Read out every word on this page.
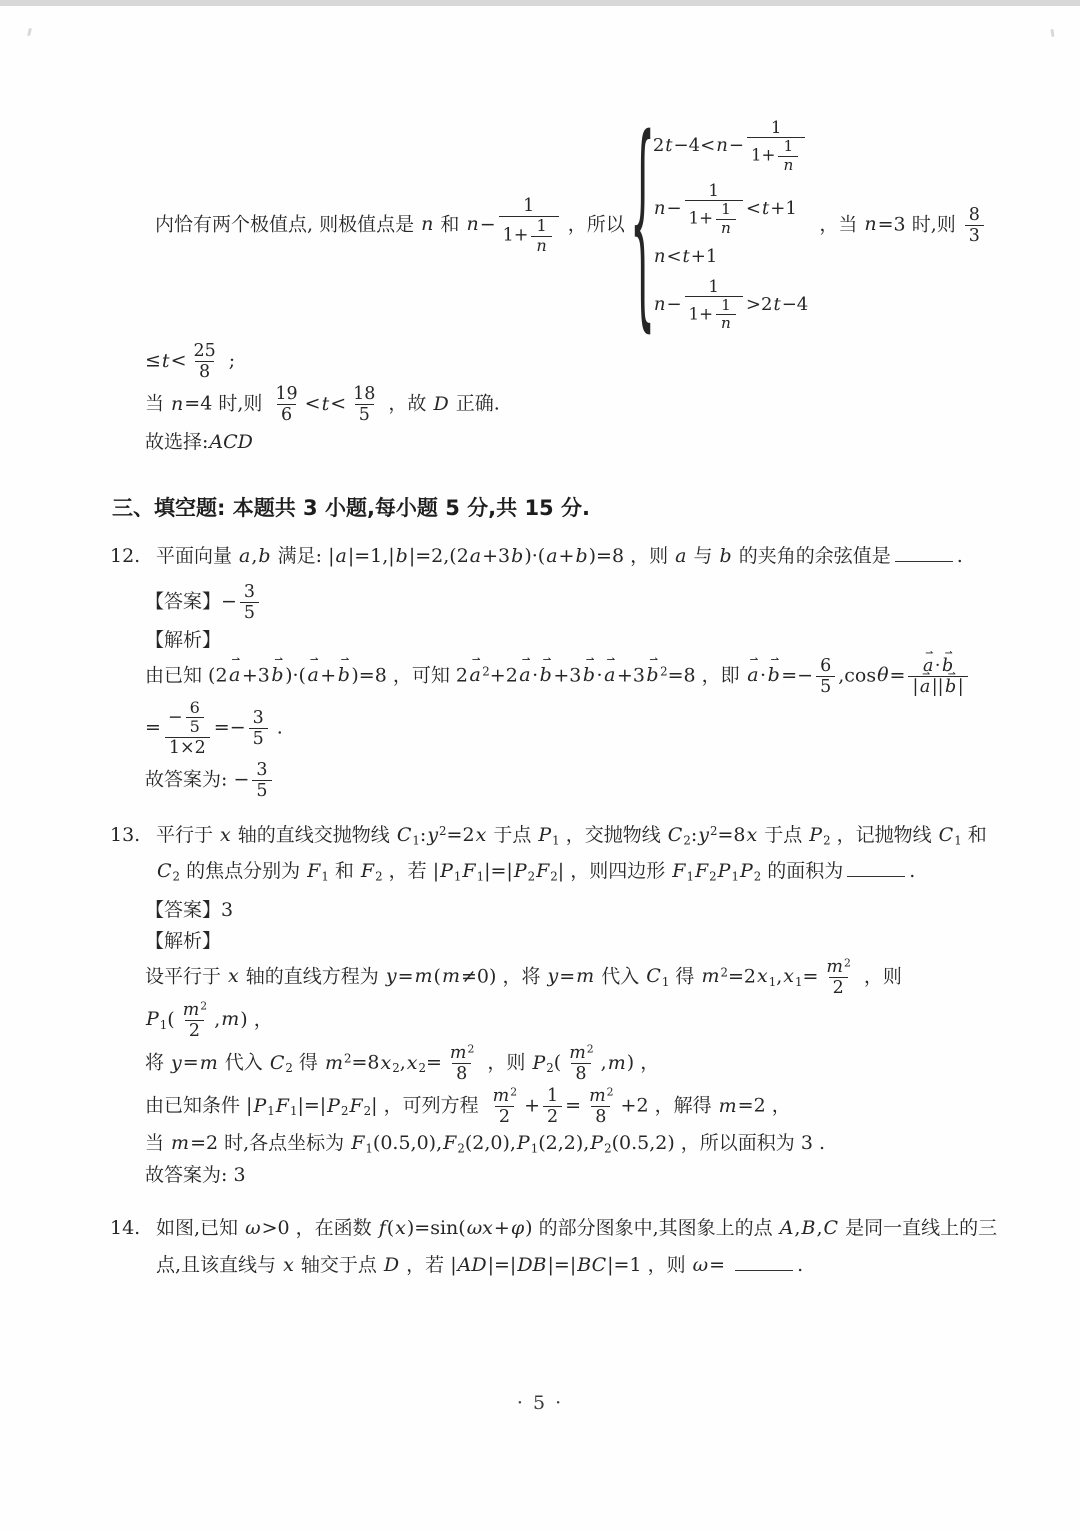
内恰有两个极值点, 则极值点是 n 和 $n- \frac{1}{1+ \frac{1}{n}}$ ，所以 {
$2t-4<n- \frac{1}{1+ \frac{1}{n}}$
$n- \frac{1}{1+ \frac{1}{n}} <t+1$
n<t+1
$n- \frac{1}{1+ \frac{1}{n}} >2t-4$
，当 n=3 时,则 $\frac{8}{3}$
$\le t< \frac{25}{8}$ ;
当 n=4 时,则 $\frac{19}{6} <t< \frac{18}{5}$ ，故 D 正确.
故选择:ACD
三、填空题: 本题共 3 小题,每小题 5 分,共 15 分.
12. 平面向量 a,b 满足: |a|=1,|b|=2,(2a+3b)·(a+b)=8 ，则 a 与 b 的夹角的余弦值是	.
【答案】− $\frac{3}{5}$
【解析】
由已知 (2a ⇀+3b ⇀)·(a ⇀+b ⇀)=8 ，可知 2a ⇀ $^2$+2a ⇀·b ⇀+3b ⇀·a ⇀+3b ⇀ $^2$=8 ，即 a ⇀·b ⇀=− $\frac{6}{5} ,\cos\theta= \frac{a ⇀\cdot b ⇀}{|a ⇀||b ⇀|}$
= $\frac{- \frac{6}{5}}{1\times 2} =- \frac{3}{5}$ .
故答案为: − $\frac{3}{5}$
13. 平行于 x 轴的直线交抛物线 $C_1:y^2=2x$ 于点 $P_1$ ，交抛物线 $C_2:y^2=8x$ 于点 $P_2$ ，记抛物线 $C_1$ 和 $C_2$ 的焦点分别为 $F_1$ 和 $F_2$ ，若 $|P_1F_1|=|P_2F_2|$ ，则四边形 $F_1F_2P_1P_2$ 的面积为	.
【答案】3
【解析】
设平行于 x 轴的直线方程为 y=m(m≠0) ，将 y=m 代入 $C_1$ 得 $m^2=2x_1,x_1= \frac{m^2}{2}$ ，则
$P_1( \frac{m^2}{2} ,m)$ ，
将 y=m 代入 $C_2$ 得 $m^2=8x_2,x_2= \frac{m^2}{8}$ ，则 $P_2( \frac{m^2}{8} ,m)$ ，
由已知条件 $|P_1F_1|=|P_2F_2|$ ，可列方程 $\frac{m^2}{2} + \frac{1}{2} = \frac{m^2}{8} +2$ ，解得 m=2 ，
当 m=2 时,各点坐标为 $F_1(0.5,0),F_2(2,0),P_1(2,2),P_2(0.5,2)$ ，所以面积为 3 .
故答案为: 3
14. 如图,已知 ω>0 ，在函数 f(x)=sin(ωx+φ) 的部分图象中,其图象上的点 A,B,C 是同一直线上的三点,且该直线与 x 轴交于点 D ，若 |AD|=|DB|=|BC|=1 ，则 ω=	.
· 5 ·
